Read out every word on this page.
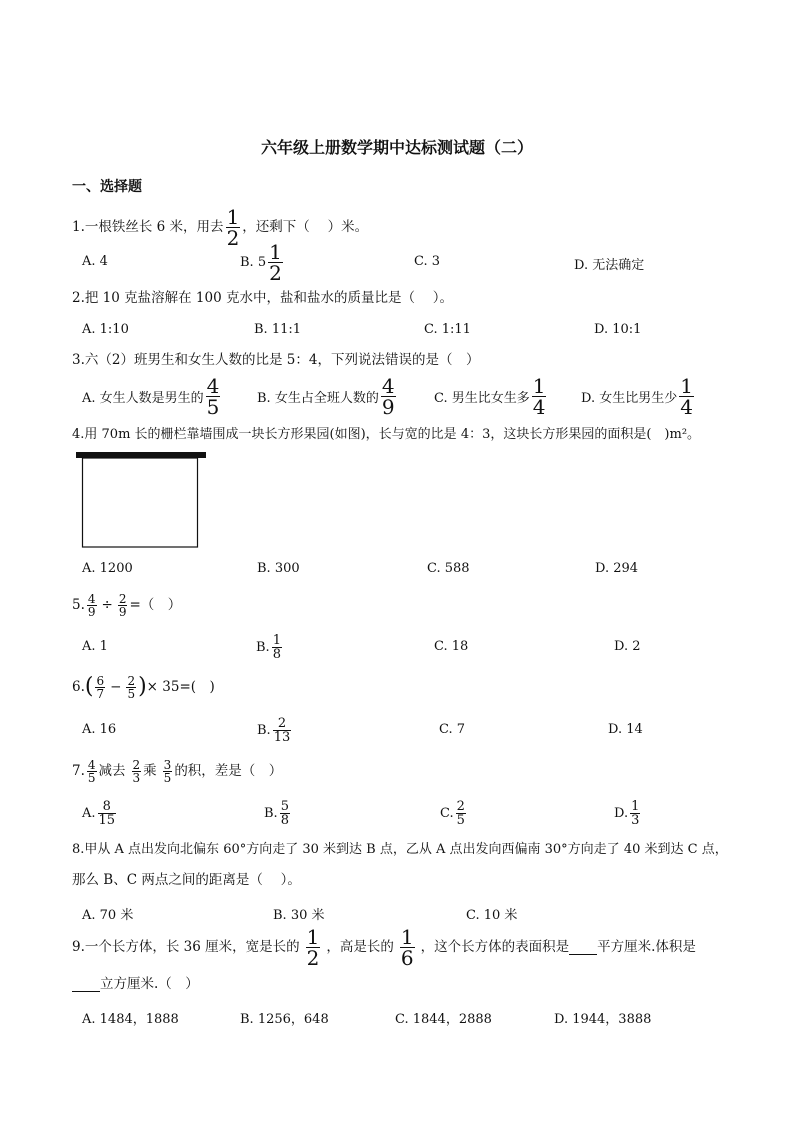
六年级上册数学期中达标测试题（二）
一、选择题
1.一根铁丝长 6 米，用去 $\frac{1}{2}$ ，还剩下（　 ）米。
A. 4	B. $5 \frac{1}{2}$	C. 3	D. 无法确定
2.把 10 克盐溶解在 100 克水中，盐和盐水的质量比是（　 ）。
A. 1:10	B. 11:1	C. 1:11	D. 10:1
3.六（2）班男生和女生人数的比是 5：4，下列说法错误的是（　）
A. 女生人数是男生的 $\frac{4}{5}$	B. 女生占全班人数的 $\frac{4}{9}$	C. 男生比女生多 $\frac{1}{4}$	D. 女生比男生少 $\frac{1}{4}$
4.用 70m 长的栅栏靠墙围成一块长方形果园(如图)，长与宽的比是 4：3，这块长方形果园的面积是(　)m²。
A. 1200	B. 300	C. 588	D. 294
5. $\frac{4}{9} \div \frac{2}{9}$ =（　）
A. 1	B. $\frac{1}{8}$	C. 18	D. 2
6. ( $\frac{6}{7} - \frac{2}{5}$ ) × 35=(　)
A. 16	B. $\frac{2}{13}$	C. 7	D. 14
7. $\frac{4}{5}$ 减去 $\frac{2}{3}$ 乘 $\frac{3}{5}$ 的积，差是（　）
A. $\frac{8}{15}$	B. $\frac{5}{8}$	C. $\frac{2}{5}$	D. $\frac{1}{3}$
8.甲从 A 点出发向北偏东 60°方向走了 30 米到达 B 点，乙从 A 点出发向西偏南 30°方向走了 40 米到达 C 点，
那么 B、C 两点之间的距离是（　 ）。
A. 70 米	B. 30 米	C. 10 米
9.一个长方体，长 36 厘米，宽是长的 $\frac{1}{2}$ ，高是长的 $\frac{1}{6}$ ，这个长方体的表面积是 平方厘米.体积是
立方厘米.（　）
A. 1484，1888	B. 1256，648	C. 1844，2888	D. 1944，3888
